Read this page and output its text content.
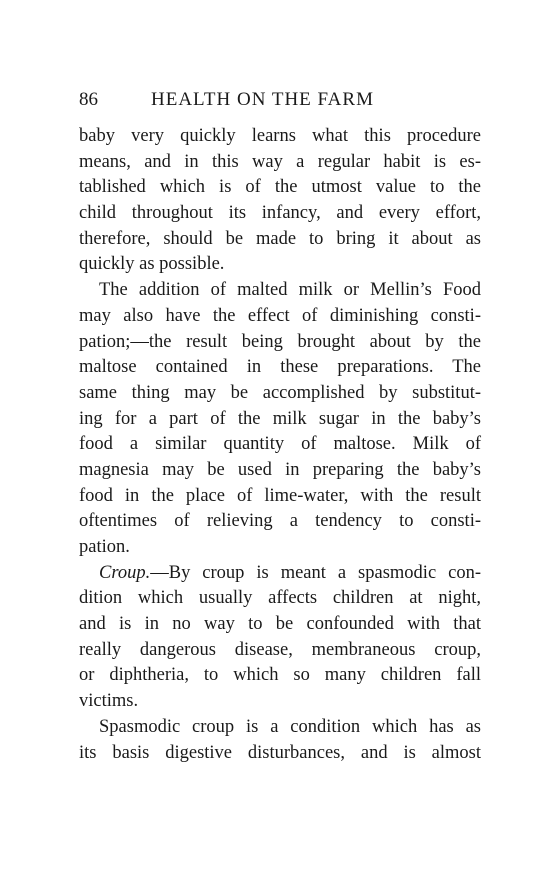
86	HEALTH ON THE FARM
baby very quickly learns what this procedure
means, and in this way a regular habit is es-
tablished which is of the utmost value to the
child throughout its infancy, and every effort,
therefore, should be made to bring it about as
quickly as possible.
The addition of malted milk or Mellin’s Food
may also have the effect of diminishing consti-
pation;—the result being brought about by the
maltose contained in these preparations. The
same thing may be accomplished by substitut-
ing for a part of the milk sugar in the baby’s
food a similar quantity of maltose. Milk of
magnesia may be used in preparing the baby’s
food in the place of lime-water, with the result
oftentimes of relieving a tendency to consti-
pation.
Croup.—By croup is meant a spasmodic con-
dition which usually affects children at night,
and is in no way to be confounded with that
really dangerous disease, membraneous croup,
or diphtheria, to which so many children fall
victims.
Spasmodic croup is a condition which has as
its basis digestive disturbances, and is almost
